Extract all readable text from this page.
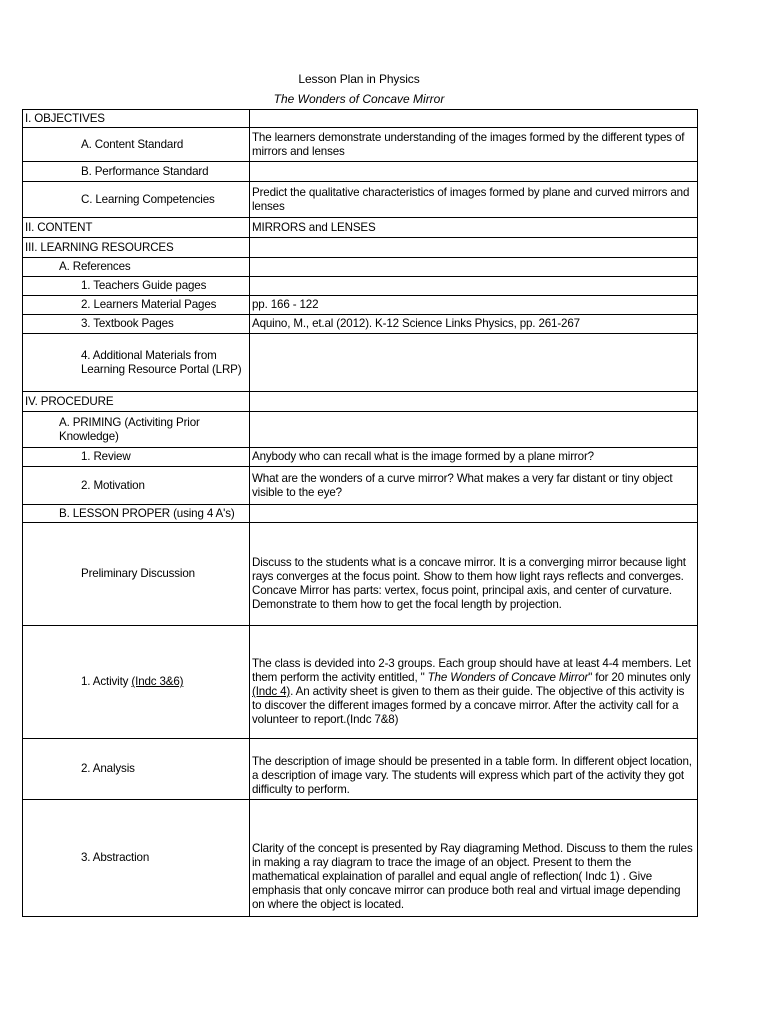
Lesson Plan in Physics
The Wonders of Concave Mirror
I. OBJECTIVES	
A. Content Standard	The learners demonstrate understanding of the images formed by the different types of mirrors and lenses
B. Performance Standard	
C. Learning Competencies	Predict the qualitative characteristics of images formed by plane and curved mirrors and lenses
II. CONTENT	MIRRORS and LENSES
III. LEARNING RESOURCES	
A. References	
1. Teachers Guide pages	
2. Learners Material Pages	pp. 166 - 122
3. Textbook Pages	Aquino, M., et.al (2012). K-12 Science Links Physics, pp. 261-267
4. Additional Materials from Learning Resource Portal (LRP)	
IV. PROCEDURE	
A. PRIMING (Activiting Prior Knowledge)	
1. Review	Anybody who can recall what is the image formed by a plane mirror?
2. Motivation	What are the wonders of a curve mirror? What makes a very far distant or tiny object visible to the eye?
B. LESSON PROPER (using 4 A's)	
Preliminary Discussion	Discuss to the students what is a concave mirror. It is a converging mirror because light rays converges at the focus point. Show to them how light rays reflects and converges. Concave Mirror has parts: vertex, focus point, principal axis, and center of curvature. Demonstrate to them how to get the focal length by projection.
1. Activity (Indc 3&6)	The class is devided into 2-3 groups. Each group should have at least 4-4 members. Let them perform the activity entitled, " The Wonders of Concave Mirror" for 20 minutes only (Indc 4). An activity sheet is given to them as their guide. The objective of this activity is to discover the different images formed by a concave mirror. After the activity call for a volunteer to report.(Indc 7&8)
2. Analysis	The description of image should be presented in a table form. In different object location, a description of image vary. The students will express which part of the activity they got difficulty to perform.
3. Abstraction	Clarity of the concept is presented by Ray diagraming Method. Discuss to them the rules in making a ray diagram to trace the image of an object. Present to them the mathematical explaination of parallel and equal angle of reflection( Indc 1) . Give emphasis that only concave mirror can produce both real and virtual image depending on where the object is located.
